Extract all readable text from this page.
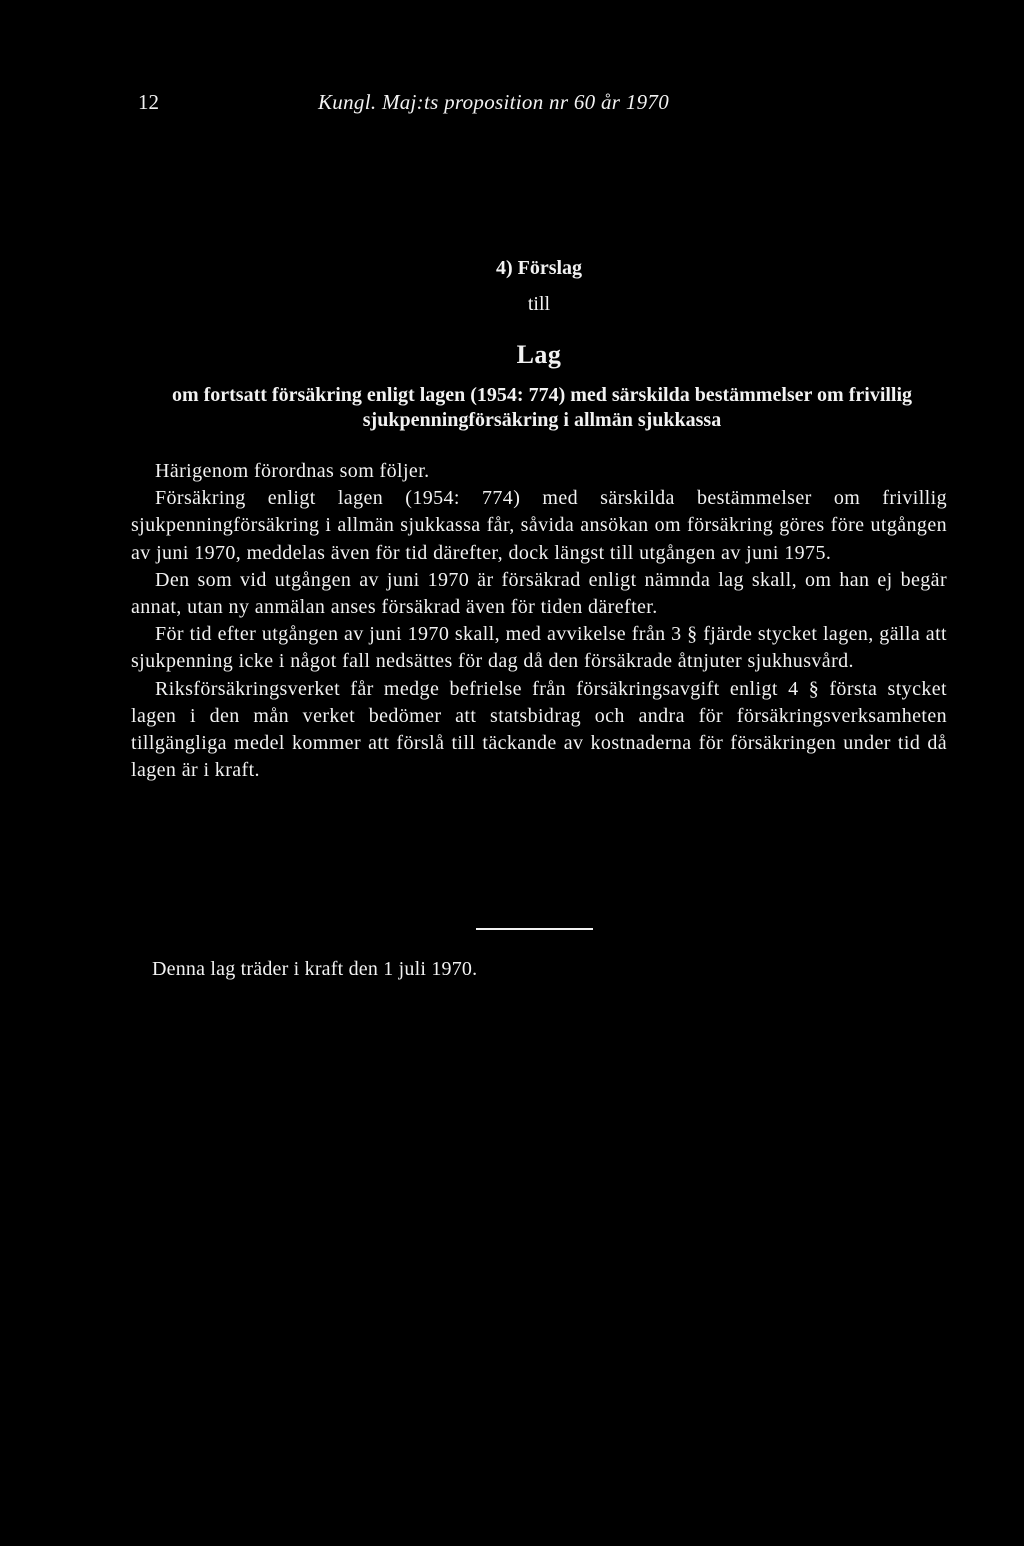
12	Kungl. Maj:ts proposition nr 60 år 1970
4) Förslag
till
Lag
om fortsatt försäkring enligt lagen (1954: 774) med särskilda bestämmelser om frivillig sjukpenningförsäkring i allmän sjukkassa

Härigenom förordnas som följer.

Försäkring enligt lagen (1954: 774) med särskilda bestämmelser om frivillig sjukpenningförsäkring i allmän sjukkassa får, såvida ansökan om försäkring göres före utgången av juni 1970, meddelas även för tid därefter, dock längst till utgången av juni 1975.

Den som vid utgången av juni 1970 är försäkrad enligt nämnda lag skall, om han ej begär annat, utan ny anmälan anses försäkrad även för tiden därefter.

För tid efter utgången av juni 1970 skall, med avvikelse från 3 § fjärde stycket lagen, gälla att sjukpenning icke i något fall nedsättes för dag då den försäkrade åtnjuter sjukhusvård.

Riksförsäkringsverket får medge befrielse från försäkringsavgift enligt 4 § första stycket lagen i den mån verket bedömer att statsbidrag och andra för försäkringsverksamheten tillgängliga medel kommer att förslå till täckande av kostnaderna för försäkringen under tid då lagen är i kraft.

Denna lag träder i kraft den 1 juli 1970.
